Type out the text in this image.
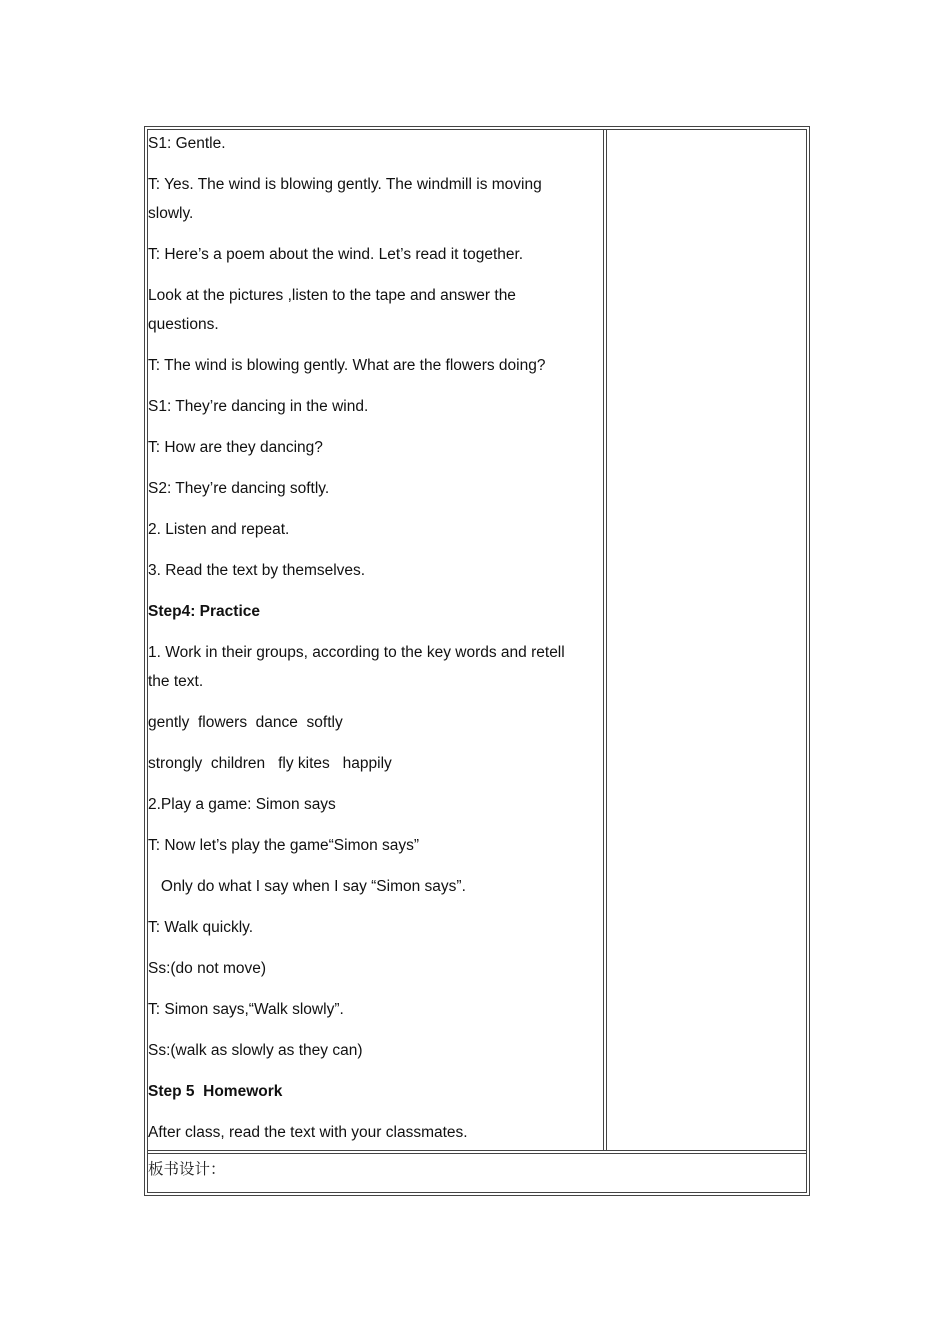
S1: Gentle.
T: Yes. The wind is blowing gently. The windmill is moving
slowly.
T: Here’s a poem about the wind. Let’s read it together.
Look at the pictures ,listen to the tape and answer the
questions.
T: The wind is blowing gently. What are the flowers doing?
S1: They’re dancing in the wind.
T: How are they dancing?
S2: They’re dancing softly.
2. Listen and repeat.
3. Read the text by themselves.
Step4: Practice
1. Work in their groups, according to the key words and retell
the text.
gently  flowers  dance  softly
strongly  children   fly kites   happily
2.Play a game: Simon says
T: Now let’s play the game“Simon says”
Only do what I say when I say “Simon says”.
T: Walk quickly.
Ss:(do not move)
T: Simon says,“Walk slowly”.
Ss:(walk as slowly as they can)
Step 5  Homework
After class, read the text with your classmates.
板书设计：
